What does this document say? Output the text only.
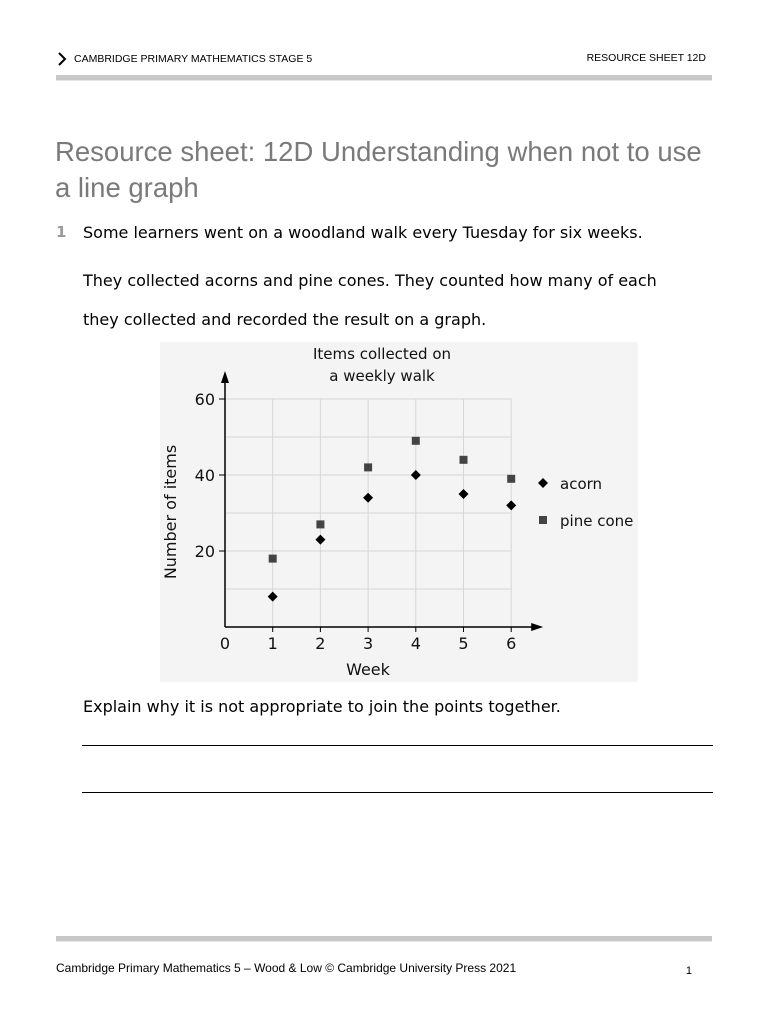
CAMBRIDGE PRIMARY MATHEMATICS STAGE 5	RESOURCE SHEET 12D
Resource sheet: 12D Understanding when not to use a line graph
1 Some learners went on a woodland walk every Tuesday for six weeks.

They collected acorns and pine cones. They counted how many of each

they collected and recorded the result on a graph.

0 1 2 3 4 5 6
20
40
60
Items collected on
a weekly walk
Week
Number of items	acorn
pine cone

Explain why it is not appropriate to join the points together.

Cambridge Primary Mathematics 5 – Wood & Low © Cambridge University Press 2021	1
